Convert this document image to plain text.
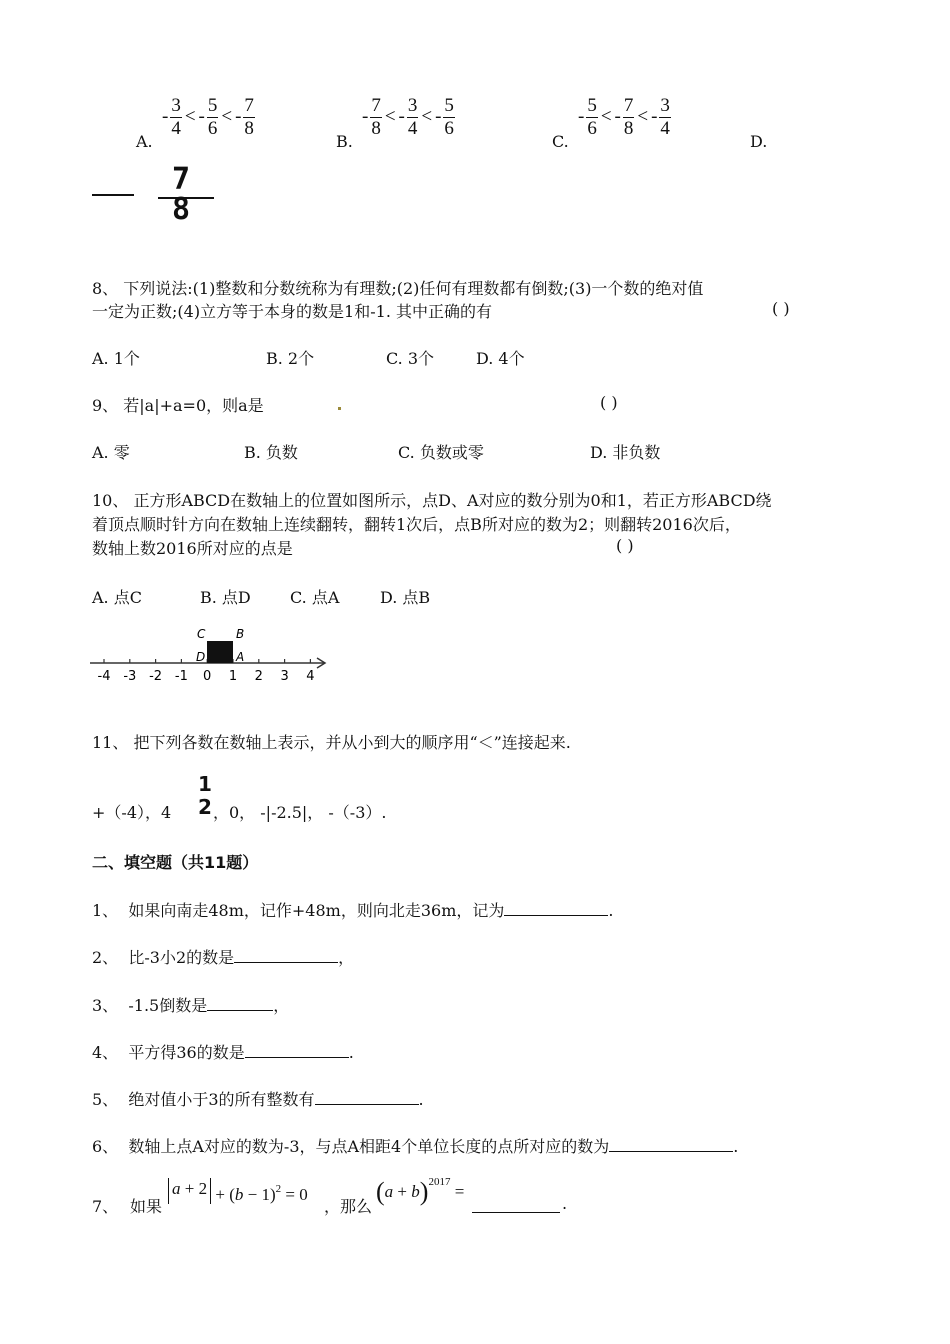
A.
- $\frac{3}{4}$ < - $\frac{5}{6}$ < - $\frac{7}{8}$
B.
- $\frac{7}{8}$ < - $\frac{3}{4}$ < - $\frac{5}{6}$
C.
- $\frac{5}{6}$ < - $\frac{7}{8}$ < - $\frac{3}{4}$
D.
7
8
8、 下列说法:(1)整数和分数统称为有理数;(2)任何有理数都有倒数;(3)一个数的绝对值
一定为正数;(4)立方等于本身的数是1和-1. 其中正确的有	( )
A. 1个	B. 2个	C. 3个	D. 4个
9、 若|a|+a=0，则a是	( )
A. 零	B. 负数	C. 负数或零	D. 非负数
10、 正方形ABCD在数轴上的位置如图所示，点D、A对应的数分别为0和1，若正方形ABCD绕
着顶点顺时针方向在数轴上连续翻转，翻转1次后，点B所对应的数为2；则翻转2016次后，
数轴上数2016所对应的点是	( )
A. 点C	B. 点D C. 点A	D. 点B
-4 -3 -2 -1 0 1 2 3 4
C	B
D	A
11、 把下列各数在数轴上表示，并从小到大的顺序用“＜”连接起来.
+（-4），4
1
2 ，0， -|-2.5|， -（-3）.
二、填空题（共11题）
1、 如果向南走48m，记作+48m，则向北走36m，记为	.
2、 比-3小2的数是	，
3、 -1.5倒数是	，
4、 平方得36的数是	.
5、 绝对值小于3的所有整数有	.
6、 数轴上点A对应的数为-3，与点A相距4个单位长度的点所对应的数为	.
7、 如果
$a + 2 + (b - 1)^2 = 0$
，那么
$(a + b)^{2017}$ =
.
